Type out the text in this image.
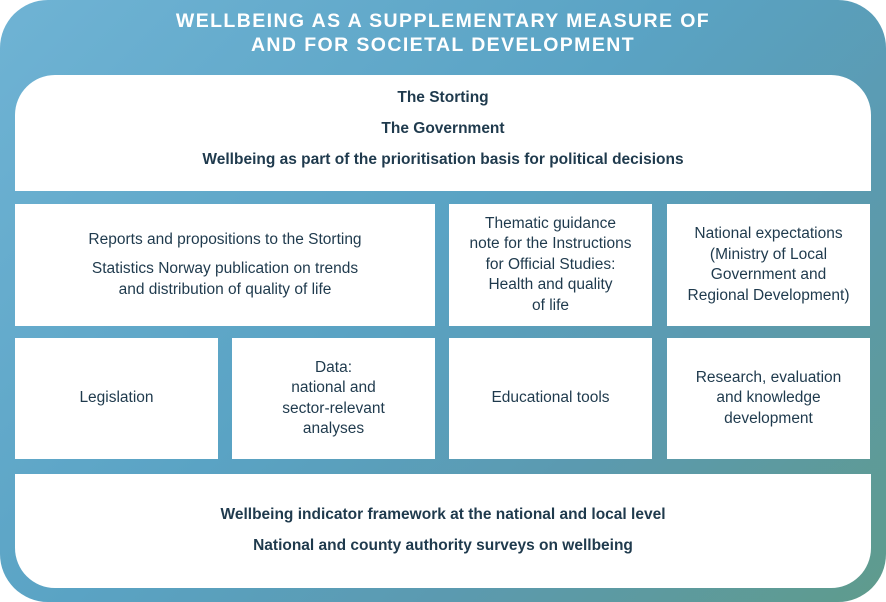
WELLBEING AS A SUPPLEMENTARY MEASURE OF
AND FOR SOCIETAL DEVELOPMENT
The Storting
The Government
Wellbeing as part of the prioritisation basis for political decisions
Reports and propositions to the Storting
Statistics Norway publication on trends
and distribution of quality of life
Thematic guidance
note for the Instructions
for Official Studies:
Health and quality
of life
National expectations
(Ministry of Local
Government and
Regional Development)
Legislation
Data:
national and
sector-relevant
analyses
Educational tools
Research, evaluation
and knowledge
development
Wellbeing indicator framework at the national and local level
National and county authority surveys on wellbeing
